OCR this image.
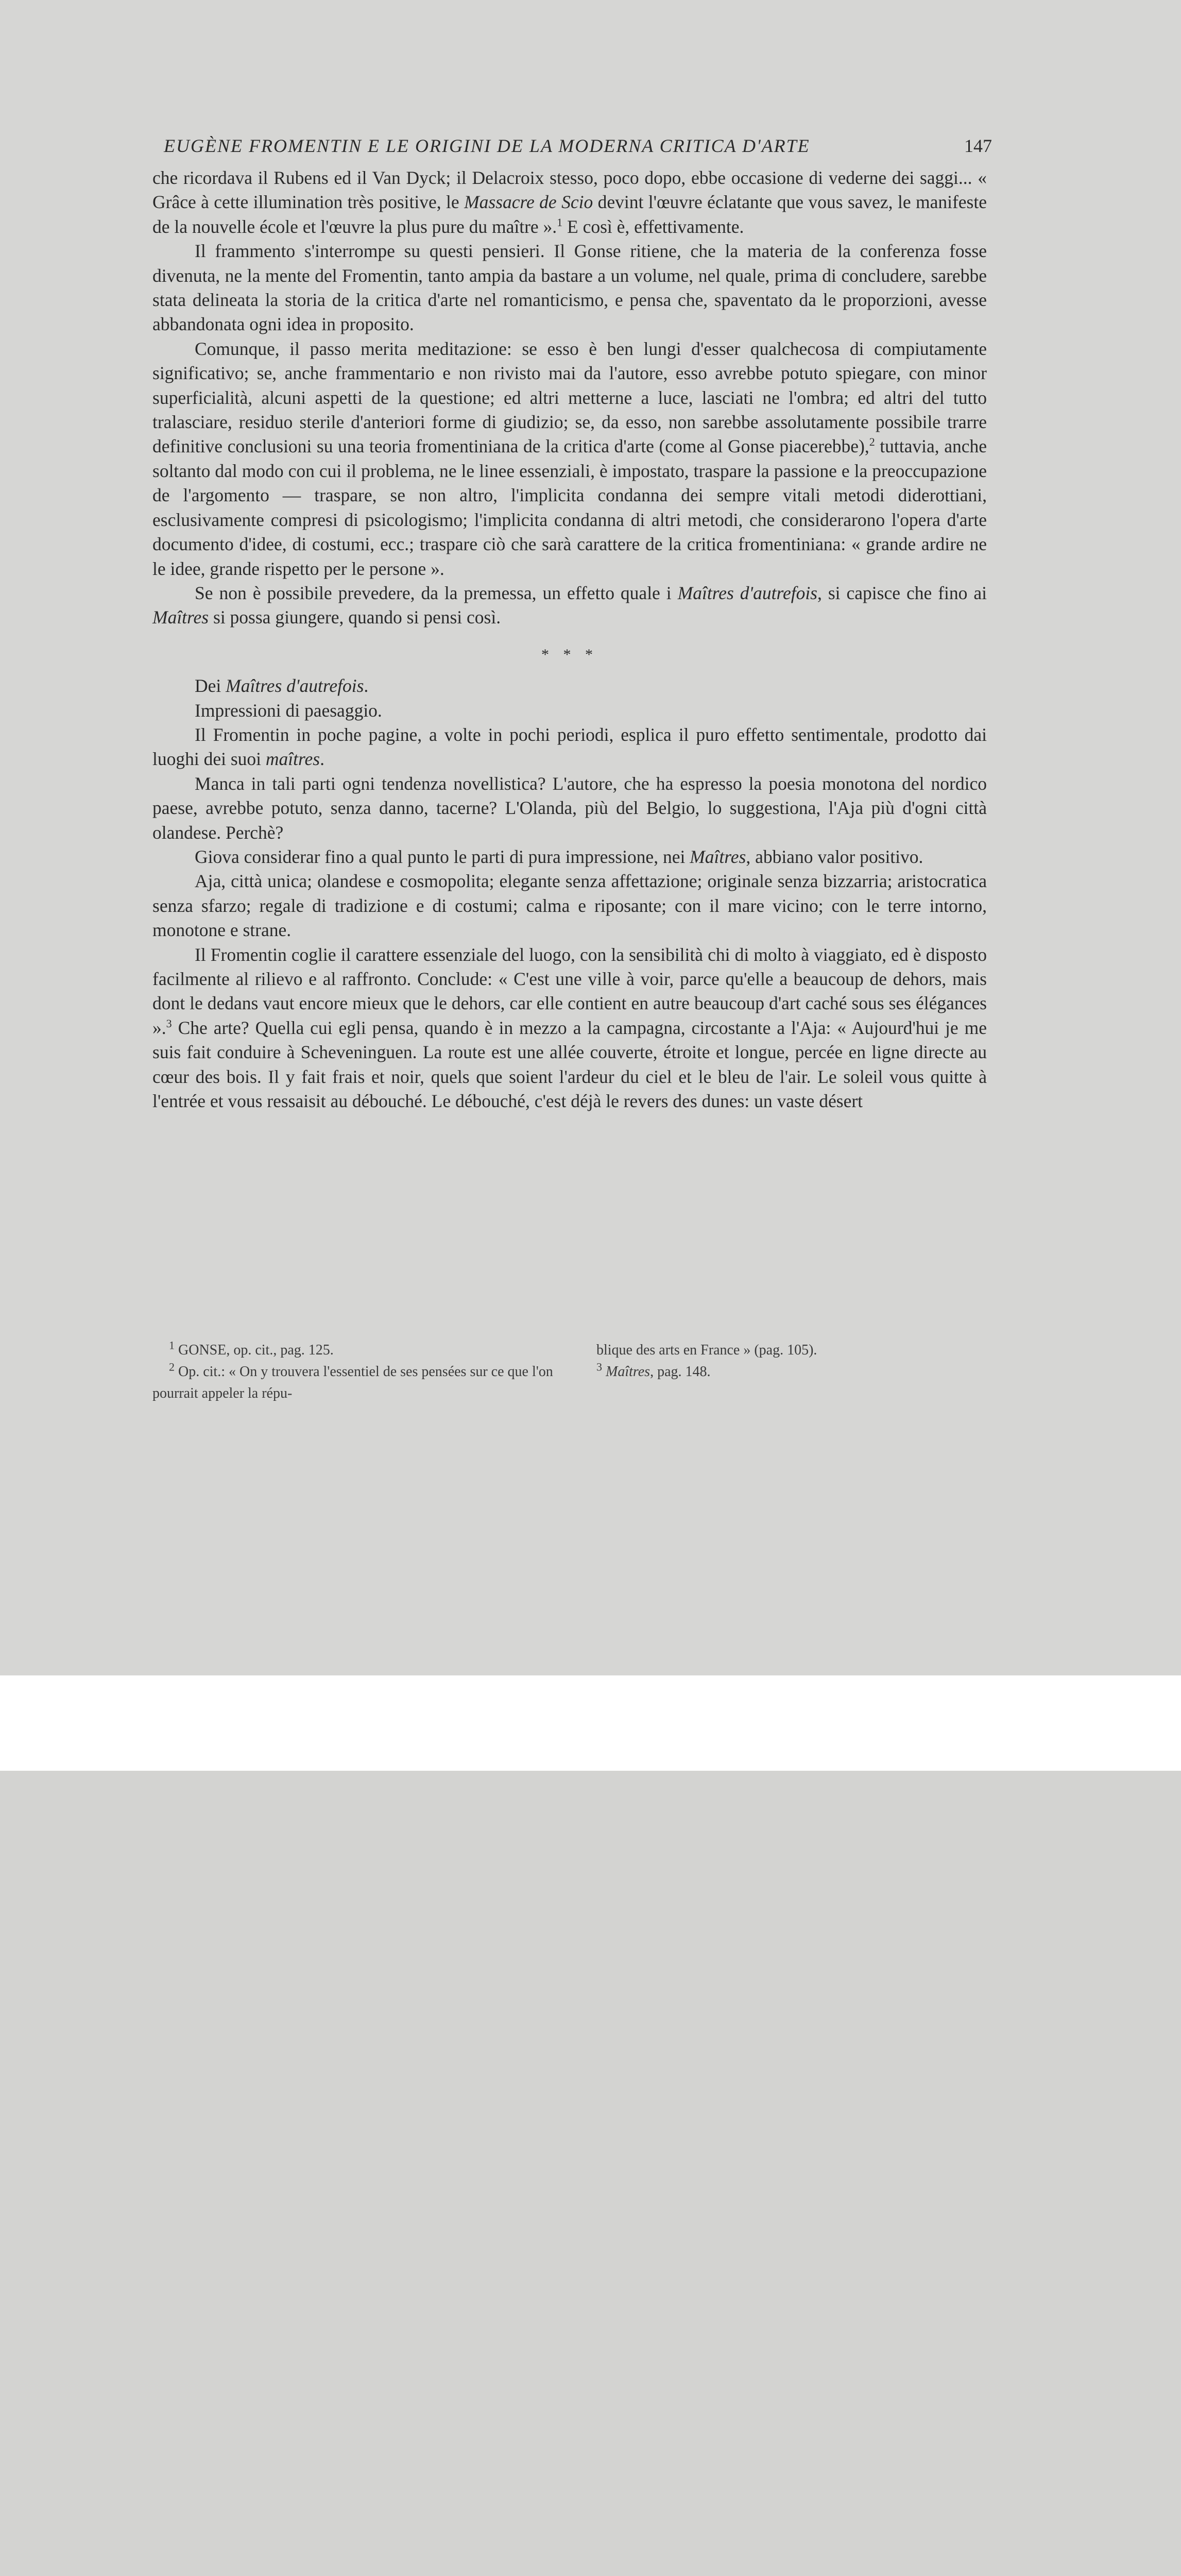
EUGÈNE FROMENTIN E LE ORIGINI DE LA MODERNA CRITICA D'ARTE	147

che ricordava il Rubens ed il Van Dyck; il Delacroix stesso, poco dopo, ebbe occasione di vederne dei saggi... « Grâce à cette illumination très positive, le Massacre de Scio devint l'œuvre éclatante que vous savez, le manifeste de la nouvelle école et l'œuvre la plus pure du maître ».$^1$ E così è, effettivamente.

Il frammento s'interrompe su questi pensieri. Il Gonse ritiene, che la materia de la conferenza fosse divenuta, ne la mente del Fromentin, tanto ampia da bastare a un volume, nel quale, prima di concludere, sarebbe stata delineata la storia de la critica d'arte nel romanticismo, e pensa che, spaventato da le proporzioni, avesse abbandonata ogni idea in proposito.

Comunque, il passo merita meditazione: se esso è ben lungi d'esser qualchecosa di compiutamente significativo; se, anche frammentario e non rivisto mai da l'autore, esso avrebbe potuto spiegare, con minor superficialità, alcuni aspetti de la questione; ed altri metterne a luce, lasciati ne l'ombra; ed altri del tutto tralasciare, residuo sterile d'anteriori forme di giudizio; se, da esso, non sarebbe assolutamente possibile trarre definitive conclusioni su una teoria fromentiniana de la critica d'arte (come al Gonse piacerebbe),$^2$ tuttavia, anche soltanto dal modo con cui il problema, ne le linee essenziali, è impostato, traspare la passione e la preoccupazione de l'argomento — traspare, se non altro, l'implicita condanna dei sempre vitali metodi diderottiani, esclusivamente compresi di psicologismo; l'implicita condanna di altri metodi, che considerarono l'opera d'arte documento d'idee, di costumi, ecc.; traspare ciò che sarà carattere de la critica fromentiniana: « grande ardire ne le idee, grande rispetto per le persone ».

Se non è possibile prevedere, da la premessa, un effetto quale i Maîtres d'autrefois, si capisce che fino ai Maîtres si possa giungere, quando si pensi così.

* * *

Dei Maîtres d'autrefois.

Impressioni di paesaggio.

Il Fromentin in poche pagine, a volte in pochi periodi, esplica il puro effetto sentimentale, prodotto dai luoghi dei suoi maîtres.

Manca in tali parti ogni tendenza novellistica? L'autore, che ha espresso la poesia monotona del nordico paese, avrebbe potuto, senza danno, tacerne? L'Olanda, più del Belgio, lo suggestiona, l'Aja più d'ogni città olandese. Perchè?

Giova considerar fino a qual punto le parti di pura impressione, nei Maîtres, abbiano valor positivo.

Aja, città unica; olandese e cosmopolita; elegante senza affettazione; originale senza bizzarria; aristocratica senza sfarzo; regale di tradizione e di costumi; calma e riposante; con il mare vicino; con le terre intorno, monotone e strane.

Il Fromentin coglie il carattere essenziale del luogo, con la sensibilità chi di molto à viaggiato, ed è disposto facilmente al rilievo e al raffronto. Conclude: « C'est une ville à voir, parce qu'elle a beaucoup de dehors, mais dont le dedans vaut encore mieux que le dehors, car elle contient en autre beaucoup d'art caché sous ses élégances ».$^3$ Che arte? Quella cui egli pensa, quando è in mezzo a la campagna, circostante a l'Aja: « Aujourd'hui je me suis fait conduire à Scheveninguen. La route est une allée couverte, étroite et longue, percée en ligne directe au cœur des bois. Il y fait frais et noir, quels que soient l'ardeur du ciel et le bleu de l'air. Le soleil vous quitte à l'entrée et vous ressaisit au débouché. Le débouché, c'est déjà le revers des dunes: un vaste désert

$^1$ GONSE, op. cit., pag. 125.

$^2$ Op. cit.: « On y trouvera l'essentiel de ses pensées sur ce que l'on pourrait appeler la répu-

blique des arts en France » (pag. 105).

$^3$ Maîtres, pag. 148.
